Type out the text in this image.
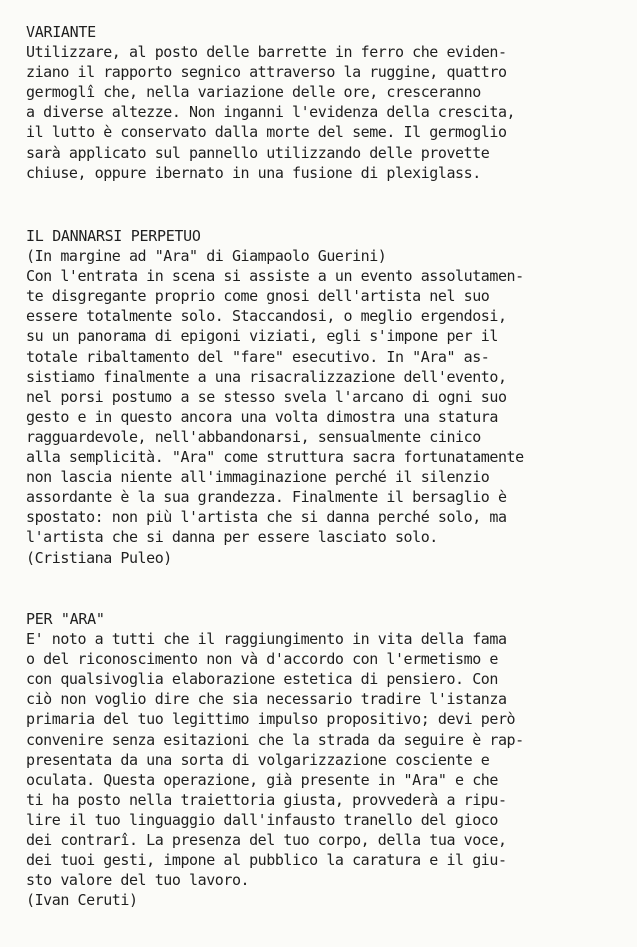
VARIANTE
Utilizzare, al posto delle barrette in ferro che eviden-
ziano il rapporto segnico attraverso la ruggine, quattro
germoglî che, nella variazione delle ore, cresceranno
a diverse altezze. Non inganni l'evidenza della crescita,
il lutto è conservato dalla morte del seme. Il germoglio
sarà applicato sul pannello utilizzando delle provette
chiuse, oppure ibernato in una fusione di plexiglass.
IL DANNARSI PERPETUO
(In margine ad "Ara" di Giampaolo Guerini)
Con l'entrata in scena si assiste a un evento assolutamen-
te disgregante proprio come gnosi dell'artista nel suo
essere totalmente solo. Staccandosi, o meglio ergendosi,
su un panorama di epigoni viziati, egli s'impone per il
totale ribaltamento del "fare" esecutivo. In "Ara" as-
sistiamo finalmente a una risacralizzazione dell'evento,
nel porsi postumo a se stesso svela l'arcano di ogni suo
gesto e in questo ancora una volta dimostra una statura
ragguardevole, nell'abbandonarsi, sensualmente cinico
alla semplicità. "Ara" come struttura sacra fortunatamente
non lascia niente all'immaginazione perché il silenzio
assordante è la sua grandezza. Finalmente il bersaglio è
spostato: non più l'artista che si danna perché solo, ma
l'artista che si danna per essere lasciato solo.
(Cristiana Puleo)
PER "ARA"
E' noto a tutti che il raggiungimento in vita della fama
o del riconoscimento non và d'accordo con l'ermetismo e
con qualsivoglia elaborazione estetica di pensiero. Con
ciò non voglio dire che sia necessario tradire l'istanza
primaria del tuo legittimo impulso propositivo; devi però
convenire senza esitazioni che la strada da seguire è rap-
presentata da una sorta di volgarizzazione cosciente e
oculata. Questa operazione, già presente in "Ara" e che
ti ha posto nella traiettoria giusta, provvederà a ripu-
lire il tuo linguaggio dall'infausto tranello del gioco
dei contrarî. La presenza del tuo corpo, della tua voce,
dei tuoi gesti, impone al pubblico la caratura e il giu-
sto valore del tuo lavoro.
(Ivan Ceruti)
